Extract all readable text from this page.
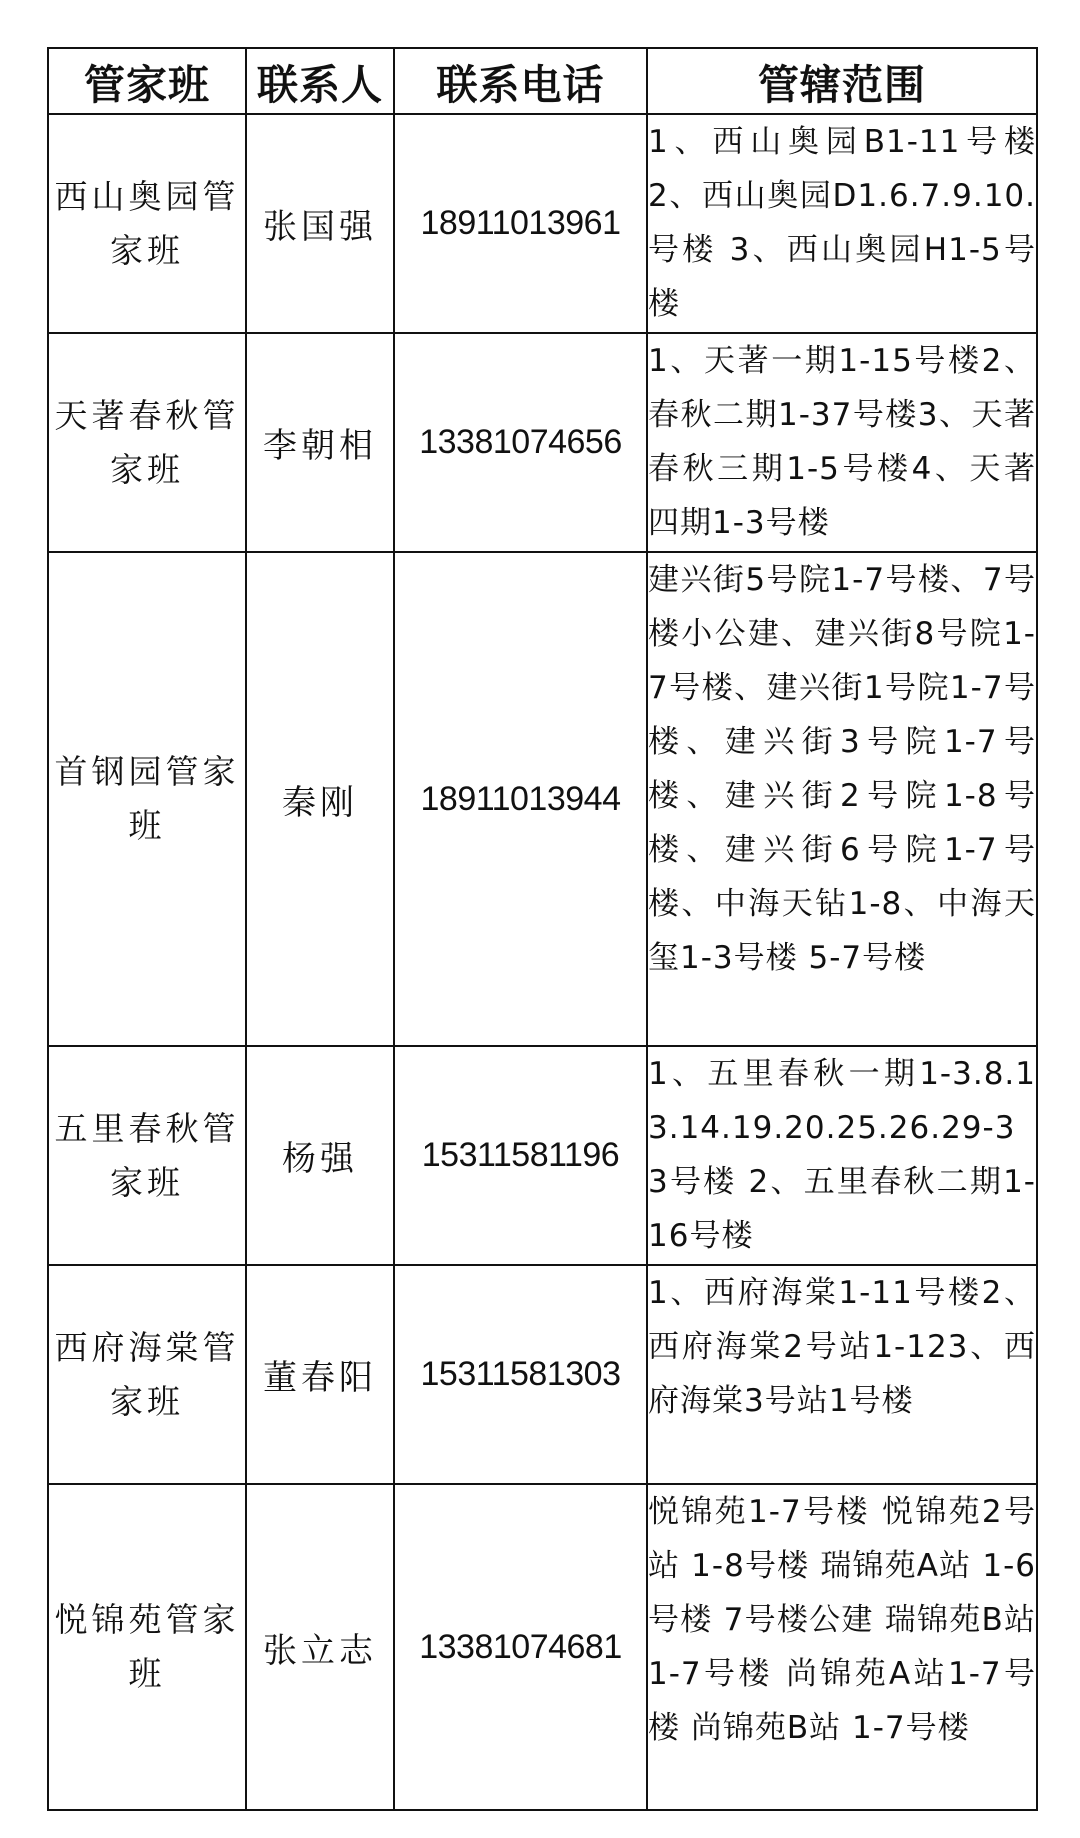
管家班	联系人	联系电话	管辖范围
西山奥园管家班	张国强	18911013961	1、西山奥园B1-11号楼 2、西山奥园D1.6.7.9.10.号楼 3、西山奥园H1-5号楼
天著春秋管家班	李朝相	13381074656	1、天著一期1-15号楼2、春秋二期1-37号楼3、天著春秋三期1-5号楼4、天著四期1-3号楼
首钢园管家班	秦刚	18911013944	建兴街5号院1-7号楼、7号楼小公建、建兴街8号院1-7号楼、建兴街1号院1-7号楼、建兴街3号院1-7号楼、建兴街2号院1-8号楼、建兴街6号院1-7号楼、中海天钻1-8、中海天玺1-3号楼 5-7号楼
五里春秋管家班	杨强	15311581196	1、五里春秋一期1-3.8.13.14.19.20.25.26.29-33号楼 2、五里春秋二期1-16号楼
西府海棠管家班	董春阳	15311581303	1、西府海棠1-11号楼2、西府海棠2号站1-123、西府海棠3号站1号楼
悦锦苑管家班	张立志	13381074681	悦锦苑1-7号楼 悦锦苑2号站 1-8号楼 瑞锦苑A站 1-6号楼 7号楼公建 瑞锦苑B站 1-7号楼 尚锦苑A站1-7号楼 尚锦苑B站 1-7号楼
